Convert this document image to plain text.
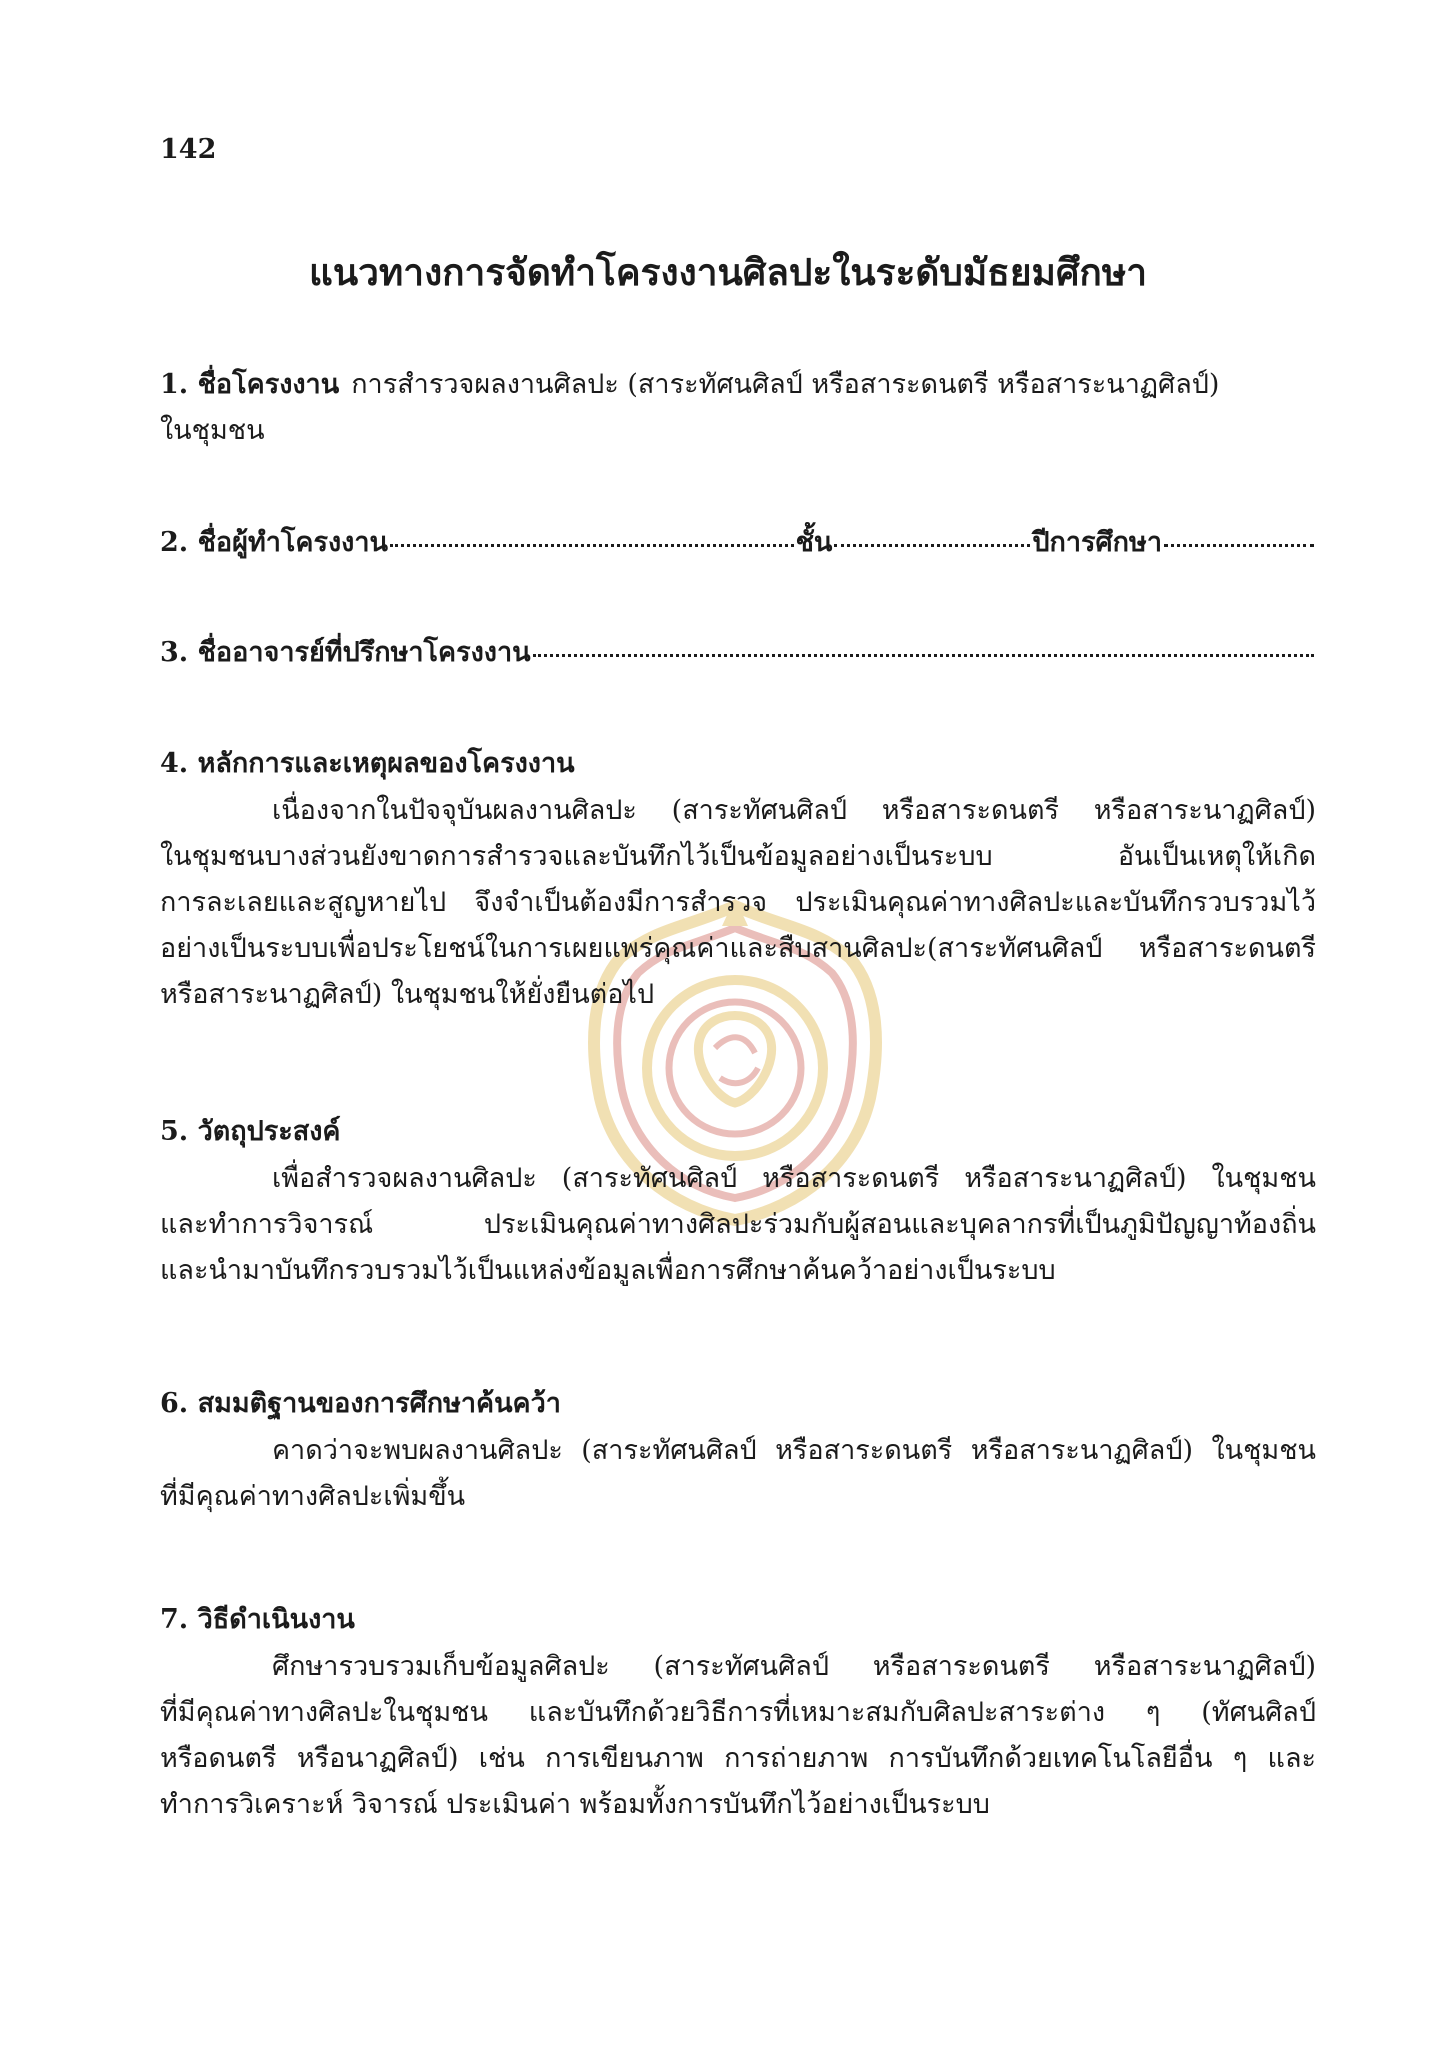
142
แนวทางการจัดทำโครงงานศิลปะในระดับมัธยมศึกษา
1. ชื่อโครงงาน การสำรวจผลงานศิลปะ (สาระทัศนศิลป์ หรือสาระดนตรี หรือสาระนาฏศิลป์)
ในชุมชน
2. ชื่อผู้ทำโครงงาน	ชั้น	ปีการศึกษา
3. ชื่ออาจารย์ที่ปรึกษาโครงงาน
4. หลักการและเหตุผลของโครงงาน
เนื่องจากในปัจจุบันผลงานศิลปะ (สาระทัศนศิลป์ หรือสาระดนตรี หรือสาระนาฏศิลป์)
ในชุมชนบางส่วนยังขาดการสำรวจและบันทึกไว้เป็นข้อมูลอย่างเป็นระบบ อันเป็นเหตุให้เกิด
การละเลยและสูญหายไป จึงจำเป็นต้องมีการสำรวจ ประเมินคุณค่าทางศิลปะและบันทึกรวบรวมไว้
อย่างเป็นระบบเพื่อประโยชน์ในการเผยแพร่คุณค่าและสืบสานศิลปะ(สาระทัศนศิลป์ หรือสาระดนตรี
หรือสาระนาฏศิลป์) ในชุมชนให้ยั่งยืนต่อไป
5. วัตถุประสงค์
เพื่อสำรวจผลงานศิลปะ (สาระทัศนศิลป์ หรือสาระดนตรี หรือสาระนาฏศิลป์) ในชุมชน
และทำการวิจารณ์ ประเมินคุณค่าทางศิลปะร่วมกับผู้สอนและบุคลากรที่เป็นภูมิปัญญาท้องถิ่น
และนำมาบันทึกรวบรวมไว้เป็นแหล่งข้อมูลเพื่อการศึกษาค้นคว้าอย่างเป็นระบบ
6. สมมติฐานของการศึกษาค้นคว้า
คาดว่าจะพบผลงานศิลปะ (สาระทัศนศิลป์ หรือสาระดนตรี หรือสาระนาฏศิลป์) ในชุมชน
ที่มีคุณค่าทางศิลปะเพิ่มขึ้น
7. วิธีดำเนินงาน
ศึกษารวบรวมเก็บข้อมูลศิลปะ (สาระทัศนศิลป์ หรือสาระดนตรี หรือสาระนาฏศิลป์)
ที่มีคุณค่าทางศิลปะในชุมชน และบันทึกด้วยวิธีการที่เหมาะสมกับศิลปะสาระต่าง ๆ (ทัศนศิลป์
หรือดนตรี หรือนาฏศิลป์) เช่น การเขียนภาพ การถ่ายภาพ การบันทึกด้วยเทคโนโลยีอื่น ๆ และ
ทำการวิเคราะห์ วิจารณ์ ประเมินค่า พร้อมทั้งการบันทึกไว้อย่างเป็นระบบ
